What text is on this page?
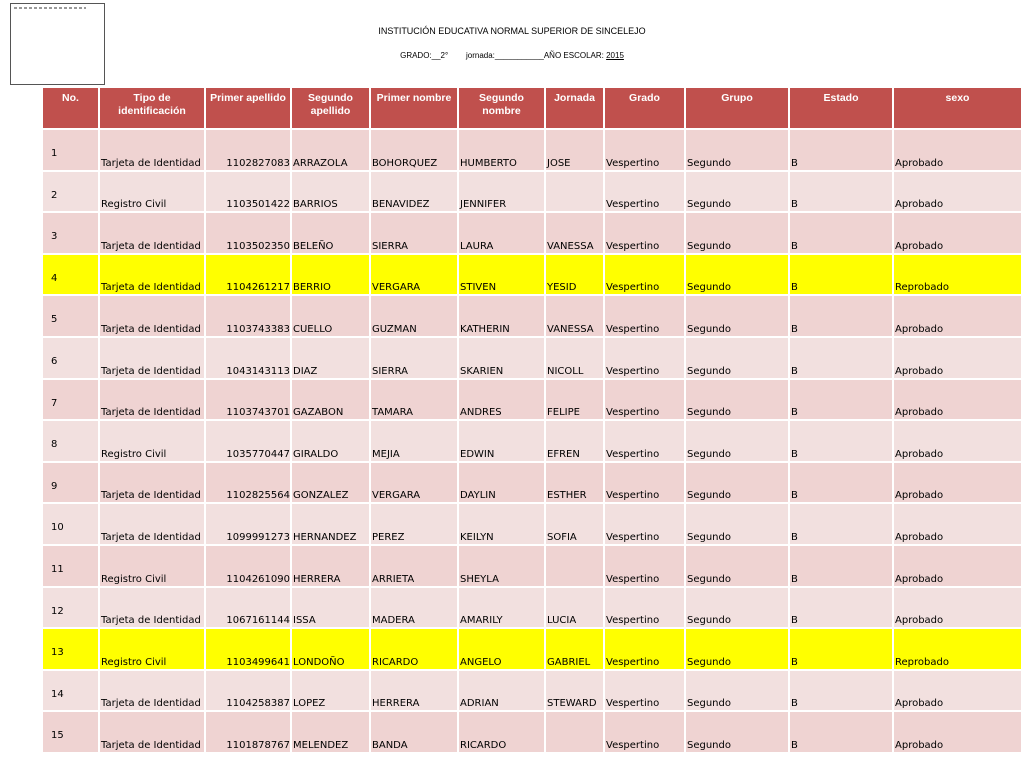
INSTITUCIÓN EDUCATIVA NORMAL SUPERIOR DE SINCELEJO
GRADO:__2° jornada:___________AÑO ESCOLAR: 2015
No.	Tipo de identificación	Primer apellido	Segundo apellido	Primer nombre	Segundo nombre	Jornada	Grado	Grupo	Estado	sexo	

1	Tarjeta de Identidad	1102827083	ARRAZOLA	BOHORQUEZ	HUMBERTO	JOSE	Vespertino	Segundo	B	Aprobado	

2	Registro Civil	1103501422	BARRIOS	BENAVIDEZ	JENNIFER		Vespertino	Segundo	B	Aprobado	

3	Tarjeta de Identidad	1103502350	BELEÑO	SIERRA	LAURA	VANESSA	Vespertino	Segundo	B	Aprobado	

4	Tarjeta de Identidad	1104261217	BERRIO	VERGARA	STIVEN	YESID	Vespertino	Segundo	B	Reprobado	

5	Tarjeta de Identidad	1103743383	CUELLO	GUZMAN	KATHERIN	VANESSA	Vespertino	Segundo	B	Aprobado	

6	Tarjeta de Identidad	1043143113	DIAZ	SIERRA	SKARIEN	NICOLL	Vespertino	Segundo	B	Aprobado	

7	Tarjeta de Identidad	1103743701	GAZABON	TAMARA	ANDRES	FELIPE	Vespertino	Segundo	B	Aprobado	

8	Registro Civil	1035770447	GIRALDO	MEJIA	EDWIN	EFREN	Vespertino	Segundo	B	Aprobado	

9	Tarjeta de Identidad	1102825564	GONZALEZ	VERGARA	DAYLIN	ESTHER	Vespertino	Segundo	B	Aprobado	

10	Tarjeta de Identidad	1099991273	HERNANDEZ	PEREZ	KEILYN	SOFIA	Vespertino	Segundo	B	Aprobado	

11	Registro Civil	1104261090	HERRERA	ARRIETA	SHEYLA		Vespertino	Segundo	B	Aprobado	

12	Tarjeta de Identidad	1067161144	ISSA	MADERA	AMARILY	LUCIA	Vespertino	Segundo	B	Aprobado	

13	Registro Civil	1103499641	LONDOÑO	RICARDO	ANGELO	GABRIEL	Vespertino	Segundo	B	Reprobado	

14	Tarjeta de Identidad	1104258387	LOPEZ	HERRERA	ADRIAN	STEWARD	Vespertino	Segundo	B	Aprobado	

15	Tarjeta de Identidad	1101878767	MELENDEZ	BANDA	RICARDO		Vespertino	Segundo	B	Aprobado	
